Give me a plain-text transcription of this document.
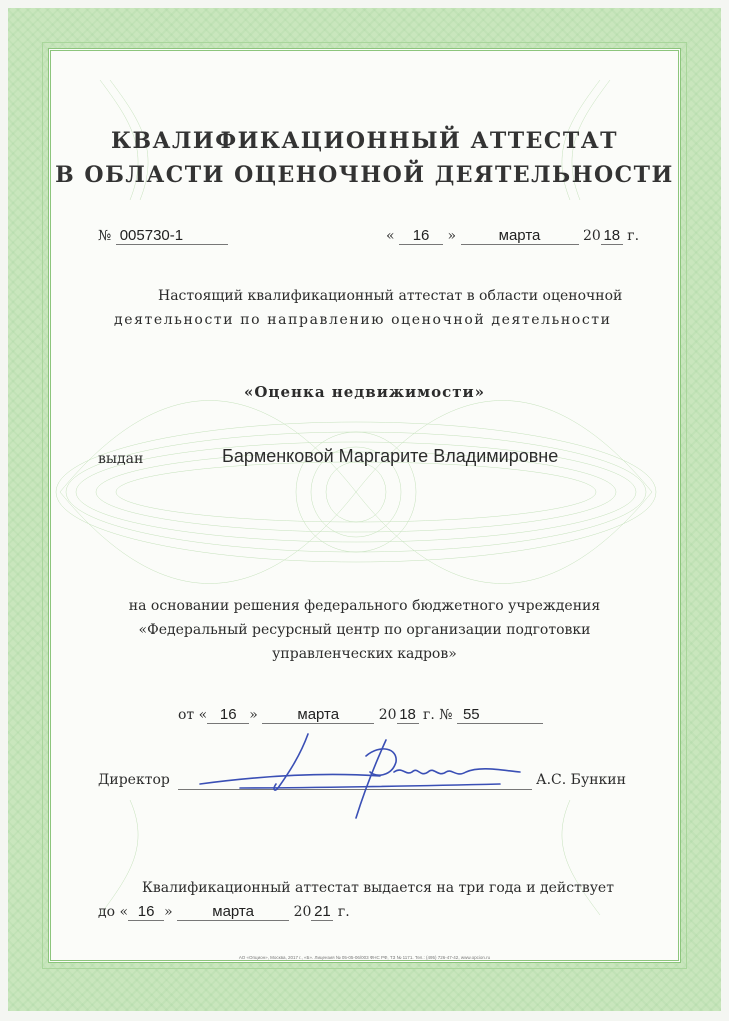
КВАЛИФИКАЦИОННЫЙ АТТЕСТАТ
В ОБЛАСТИ ОЦЕНОЧНОЙ ДЕЯТЕЛЬНОСТИ
№ 005730-1	« 16 »	марта	20 18 г.
Настоящий квалификационный аттестат в области оценочной
деятельности по направлению оценочной деятельности
«Оценка недвижимости»
выдан	Барменковой Маргарите Владимировне
на основании решения федерального бюджетного учреждения
«Федеральный ресурсный центр по организации подготовки
управленческих кадров»
от « 16 »	марта	20 18 г. № 55
Директор	А.С. Бункин
Квалификационный аттестат выдается на три года и действует
до « 16 »	марта	20 21 г.
АО «Опцион», Москва, 2017 г., «Б». Лицензия № 05-05-06/003 ФНС РФ, ТЗ № 1171. Тел.: (495) 726-47-42, www.opcion.ru
